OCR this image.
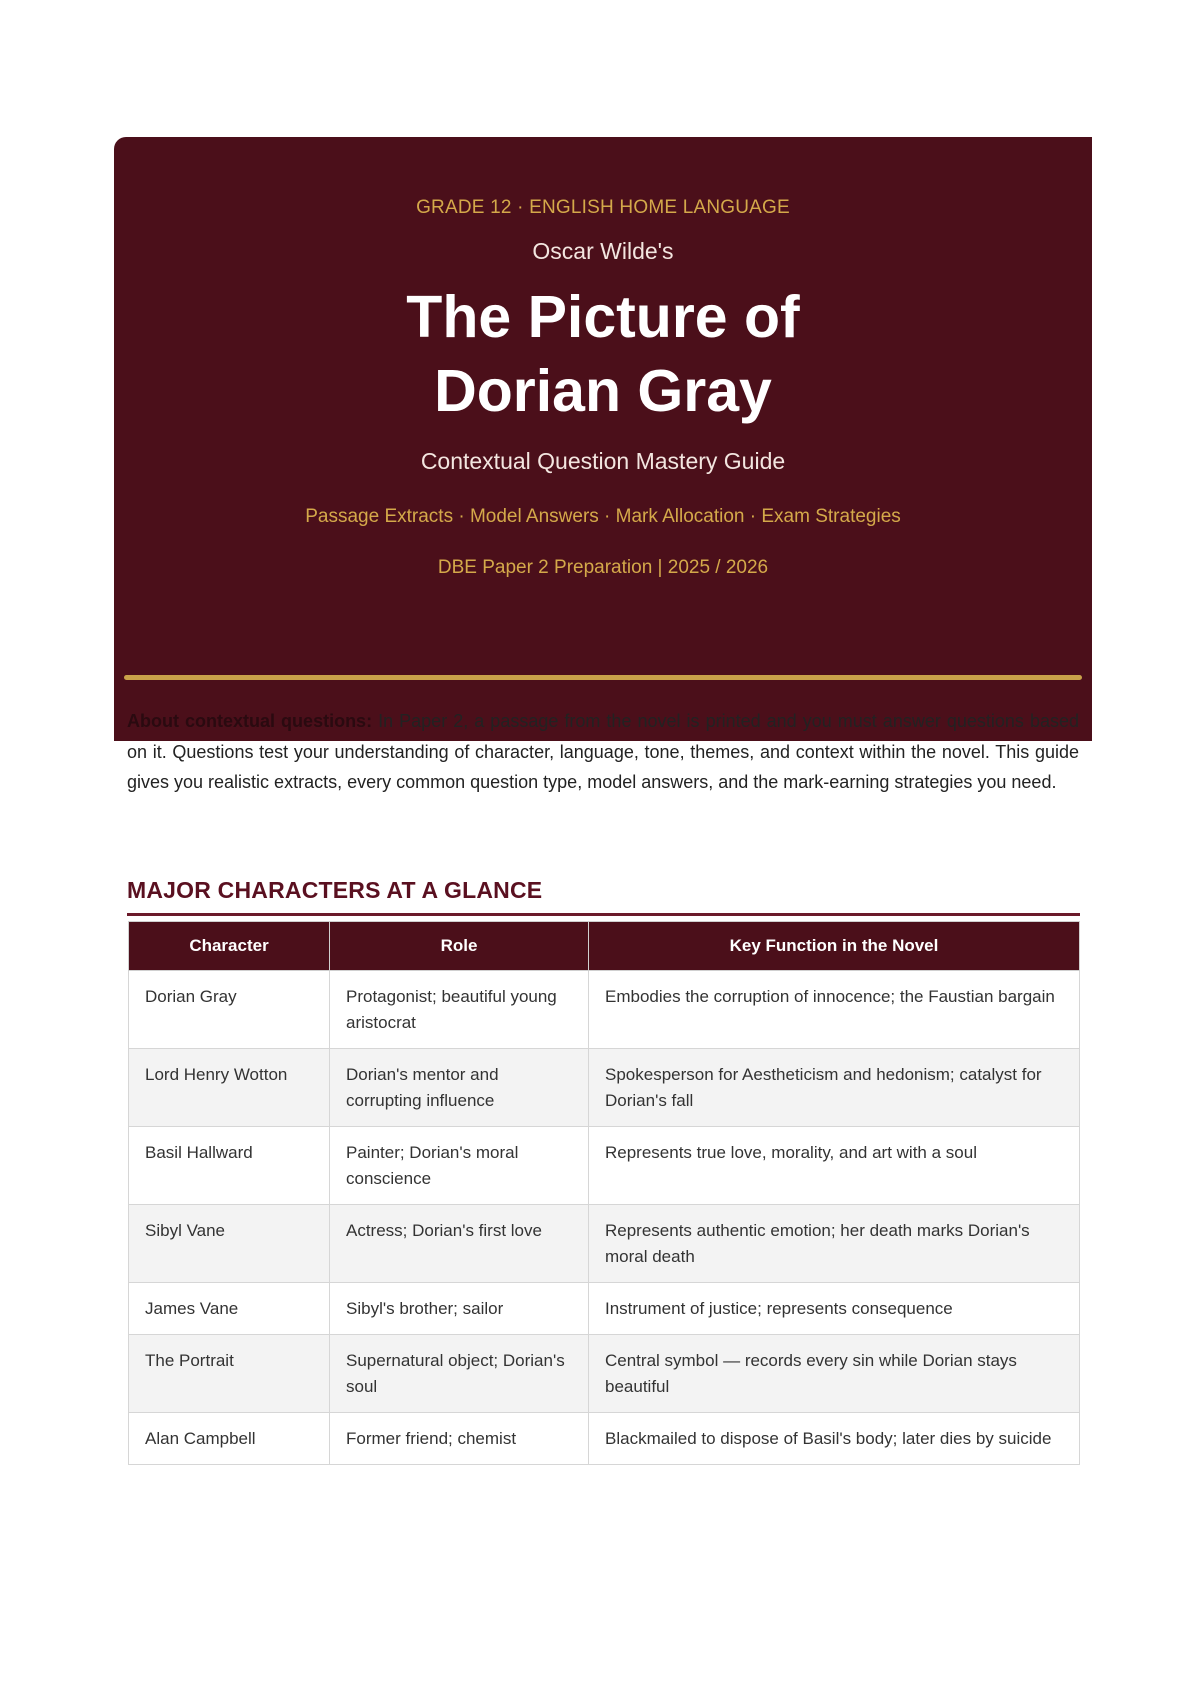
GRADE 12 · ENGLISH HOME LANGUAGE
Oscar Wilde's
The Picture of
Dorian Gray
Contextual Question Mastery Guide
Passage Extracts · Model Answers · Mark Allocation · Exam Strategies
DBE Paper 2 Preparation | 2025 / 2026

About contextual questions: In Paper 2, a passage from the novel is printed and you must answer questions based on it. Questions test your understanding of character, language, tone, themes, and context within the novel. This guide gives you realistic extracts, every common question type, model answers, and the mark-earning strategies you need.

MAJOR CHARACTERS AT A GLANCE
Character	Role	Key Function in the Novel
Dorian Gray	Protagonist; beautiful young aristocrat	Embodies the corruption of innocence; the Faustian bargain
Lord Henry Wotton	Dorian's mentor and corrupting influence	Spokesperson for Aestheticism and hedonism; catalyst for Dorian's fall
Basil Hallward	Painter; Dorian's moral conscience	Represents true love, morality, and art with a soul
Sibyl Vane	Actress; Dorian's first love	Represents authentic emotion; her death marks Dorian's moral death
James Vane	Sibyl's brother; sailor	Instrument of justice; represents consequence
The Portrait	Supernatural object; Dorian's soul	Central symbol — records every sin while Dorian stays beautiful
Alan Campbell	Former friend; chemist	Blackmailed to dispose of Basil's body; later dies by suicide
